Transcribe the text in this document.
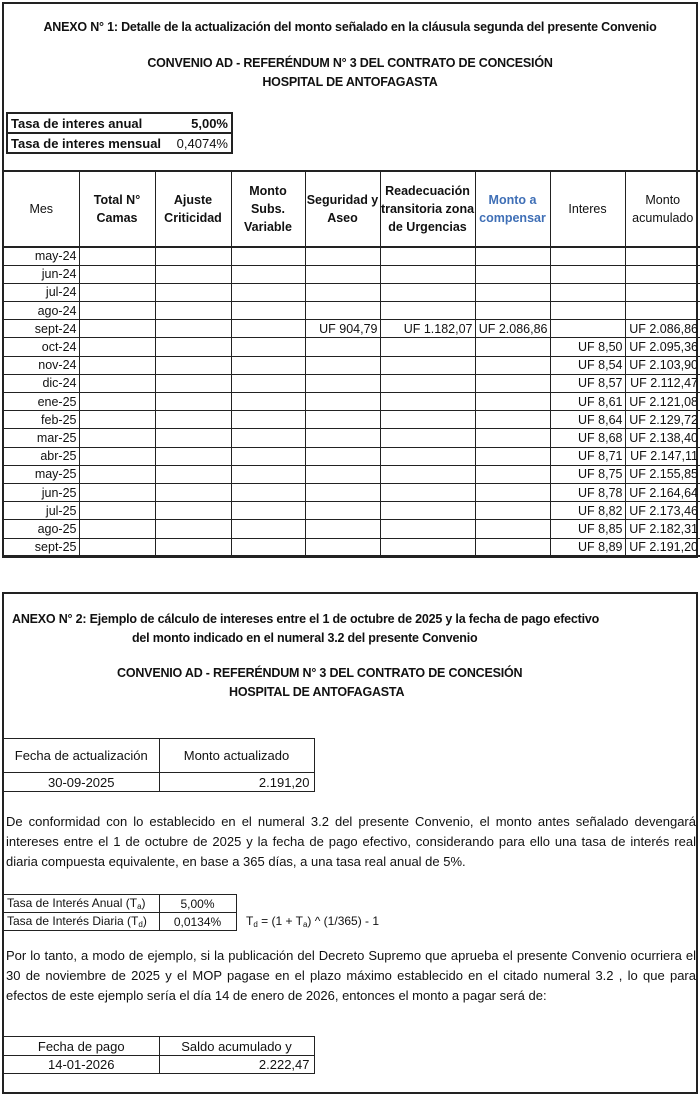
ANEXO N° 1: Detalle de la actualización del monto señalado en la cláusula segunda del presente Convenio
CONVENIO AD - REFERÉNDUM N° 3 DEL CONTRATO DE CONCESIÓN
HOSPITAL DE ANTOFAGASTA
Tasa de interes anual	5,00%
Tasa de interes mensual	0,4074%
Mes	Total N° Camas	Ajuste Criticidad	Monto Subs. Variable	Seguridad y Aseo	Readecuación transitoria zona de Urgencias	Monto a compensar	Interes	Monto acumulado
may-24								
jun-24								
jul-24								
ago-24								
sept-24				UF 904,79	UF 1.182,07	UF 2.086,86		UF 2.086,86
oct-24							UF 8,50	UF 2.095,36
nov-24							UF 8,54	UF 2.103,90
dic-24							UF 8,57	UF 2.112,47
ene-25							UF 8,61	UF 2.121,08
feb-25							UF 8,64	UF 2.129,72
mar-25							UF 8,68	UF 2.138,40
abr-25							UF 8,71	UF 2.147,11
may-25							UF 8,75	UF 2.155,85
jun-25							UF 8,78	UF 2.164,64
jul-25							UF 8,82	UF 2.173,46
ago-25							UF 8,85	UF 2.182,31
sept-25							UF 8,89	UF 2.191,20
ANEXO N° 2: Ejemplo de cálculo de intereses entre el 1 de octubre de 2025 y la fecha de pago efectivo
del monto indicado en el numeral 3.2 del presente Convenio
CONVENIO AD - REFERÉNDUM N° 3 DEL CONTRATO DE CONCESIÓN
HOSPITAL DE ANTOFAGASTA
Fecha de actualización	Monto actualizado
30-09-2025	2.191,20
De conformidad con lo establecido en el numeral 3.2 del presente Convenio, el monto antes señalado devengará intereses entre el 1 de octubre de 2025 y la fecha de pago efectivo, considerando para ello una tasa de interés real diaria compuesta equivalente, en base a 365 días, a una tasa real anual de 5%.
Tasa de Interés Anual $(T_a)$	5,00%
Tasa de Interés Diaria $(T_d)$	0,0134% $T_d = (1 + T_a)$ ^ (1/365) - 1
Por lo tanto, a modo de ejemplo, si la publicación del Decreto Supremo que aprueba el presente Convenio ocurriera el 30 de noviembre de 2025 y el MOP pagase en el plazo máximo establecido en el citado numeral 3.2 , lo que para efectos de este ejemplo sería el día 14 de enero de 2026, entonces el monto a pagar será de:
Fecha de pago	Saldo acumulado y
14-01-2026	2.222,47
